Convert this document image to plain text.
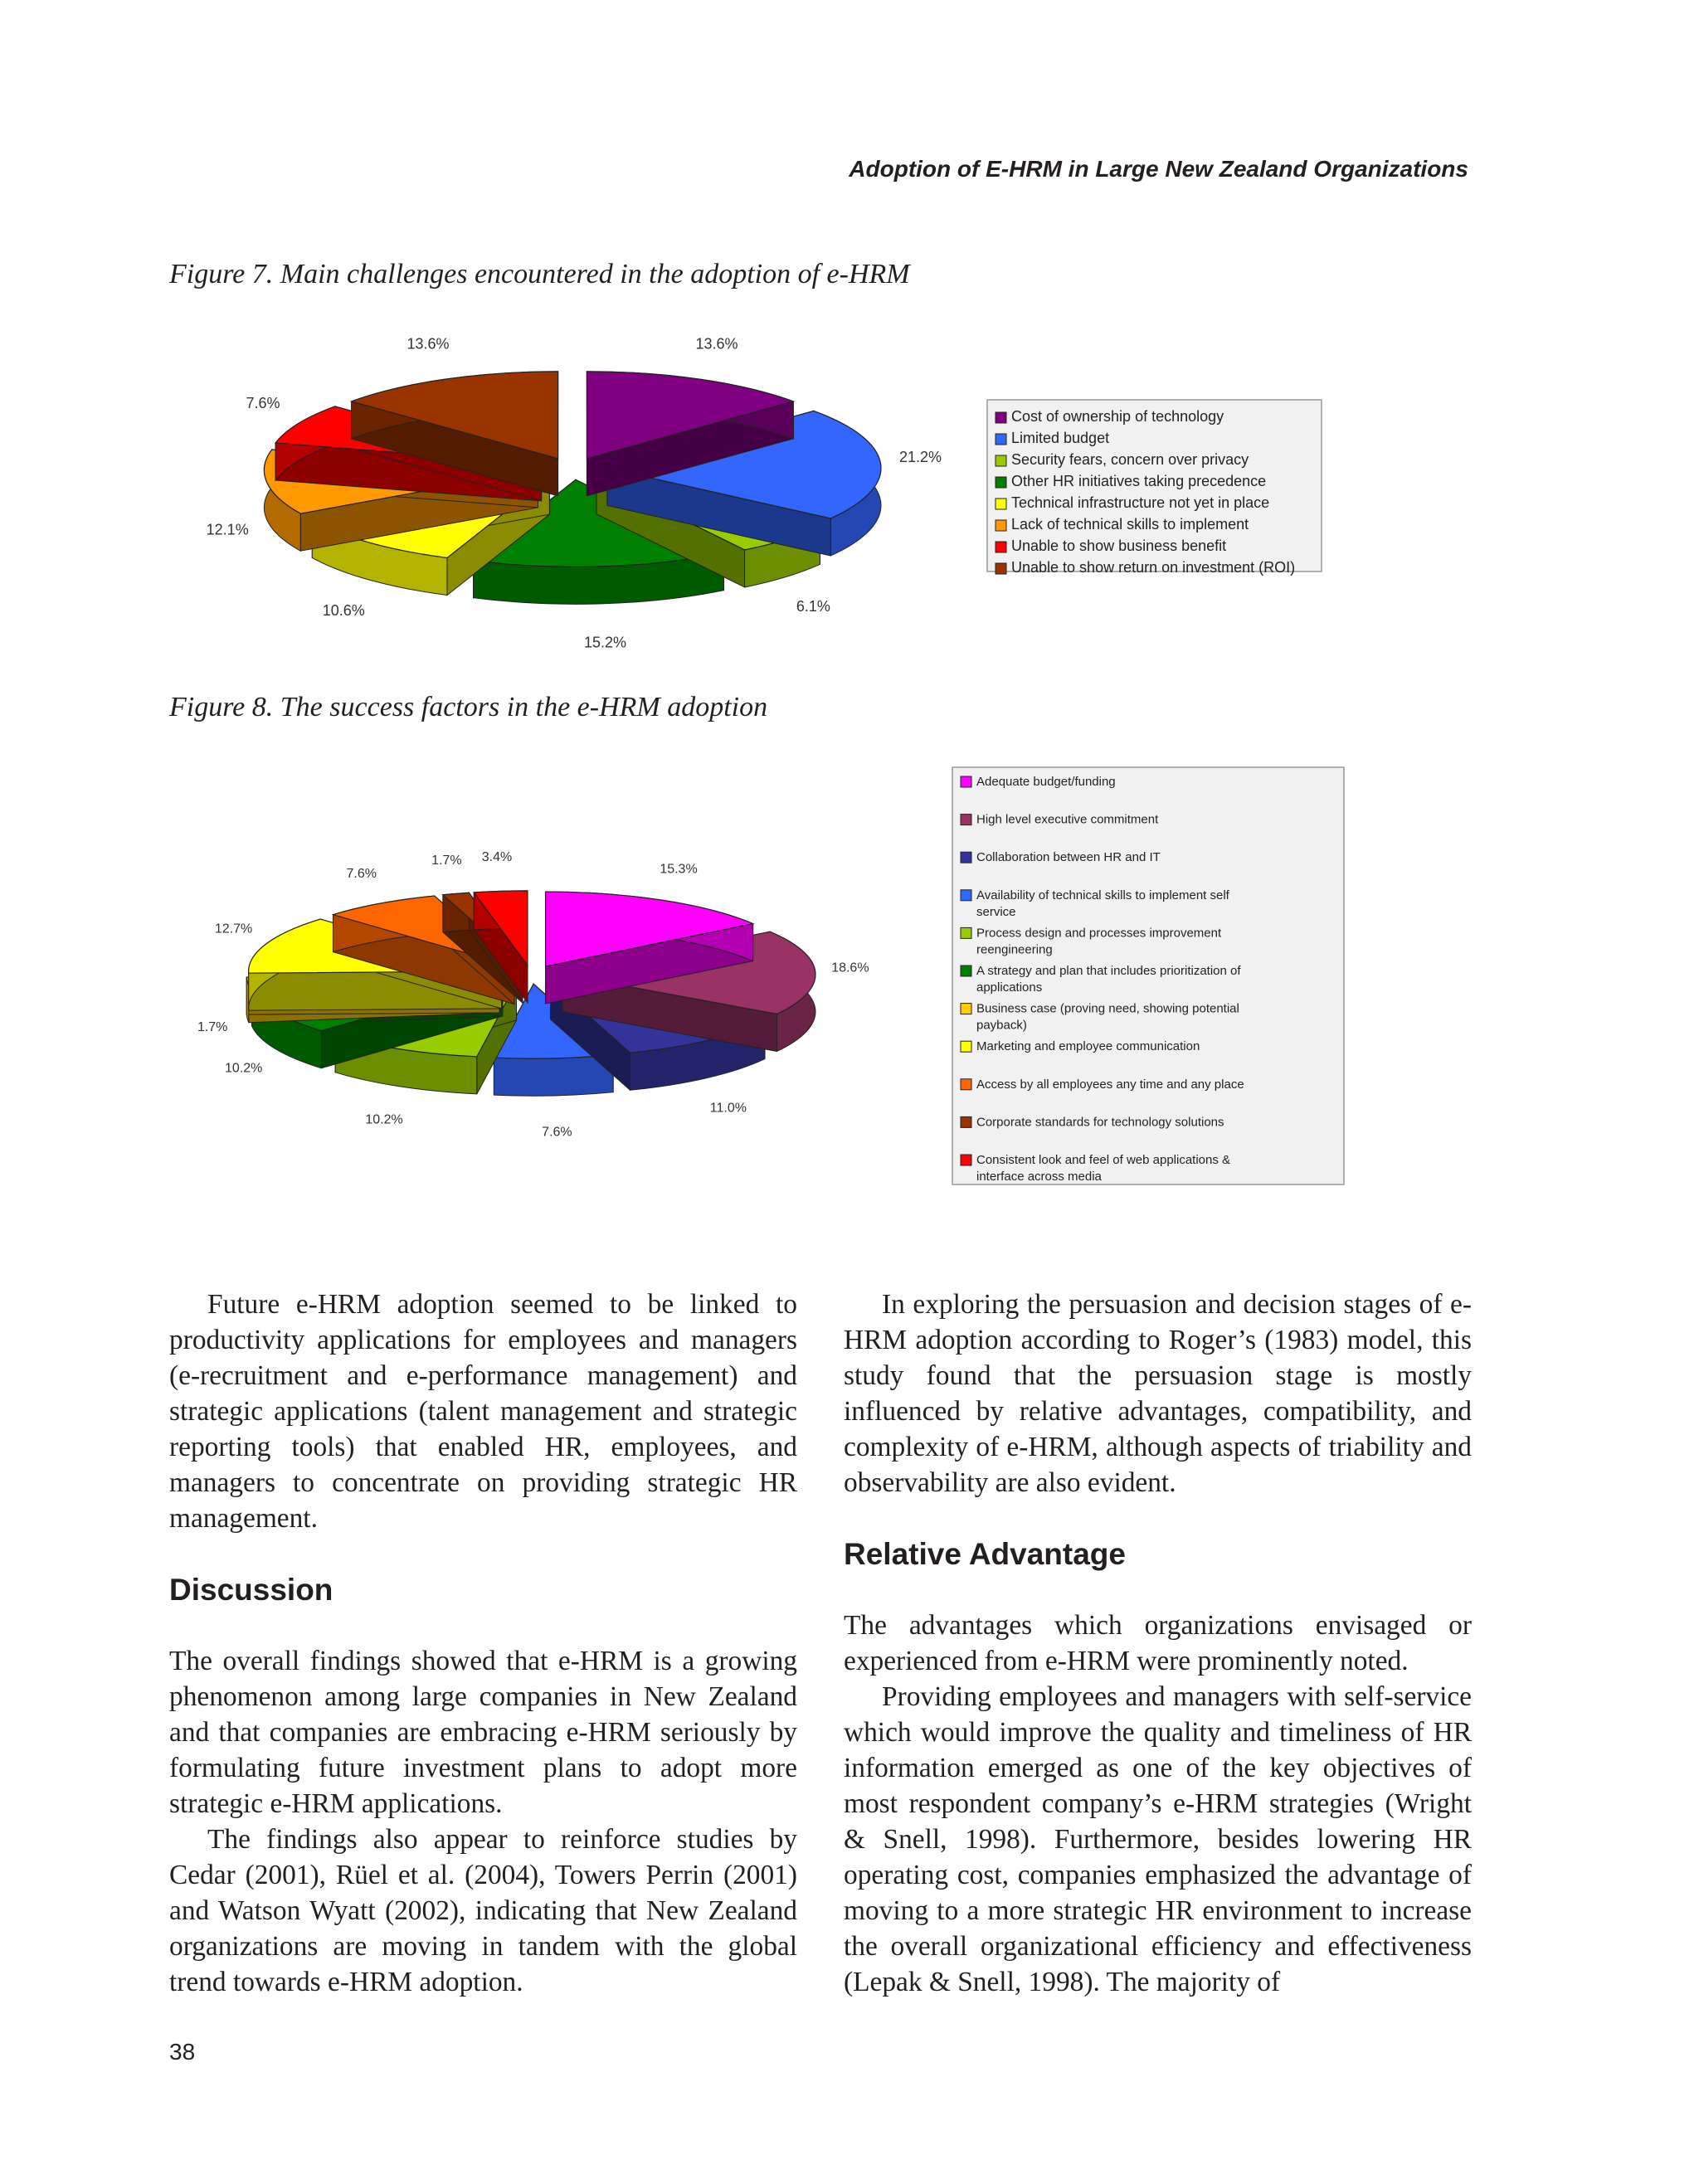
Adoption of E-HRM in Large New Zealand Organizations
Figure 7. Main challenges encountered in the adoption of e-HRM
Figure 8. The success factors in the e-HRM adoption
13.6%
21.2%
6.1%
15.2%
10.6%
12.1%
7.6%
13.6%
Cost of ownership of technology
Limited budget
Security fears, concern over privacy
Other HR initiatives taking precedence
Technical infrastructure not yet in place
Lack of technical skills to implement
Unable to show business benefit
Unable to show return on investment (ROI)
15.3%
18.6%
11.0%
7.6%
10.2%
10.2%
1.7%
12.7%
7.6%
1.7% 3.4%
Adequate budget/funding
High level executive commitment
Collaboration between HR and IT
Availability of technical skills to implement self
service
Process design and processes improvement
reengineering
A strategy and plan that includes prioritization of
applications
Business case (proving need, showing potential
payback)
Marketing and employee communication
Access by all employees any time and any place
Corporate standards for technology solutions
Consistent look and feel of web applications &
interface across media

Future e-HRM adoption seemed to be linked to productivity applications for employees and managers (e-recruitment and e-performance management) and strategic applications (talent management and strategic reporting tools) that enabled HR, employees, and managers to concentrate on providing strategic HR management.

Discussion

The overall findings showed that e-HRM is a growing phenomenon among large companies in New Zealand and that companies are embracing e-HRM seriously by formulating future investment plans to adopt more strategic e-HRM applications.

The findings also appear to reinforce studies by Cedar (2001), Rüel et al. (2004), Towers Perrin (2001) and Watson Wyatt (2002), indicating that New Zealand organizations are moving in tandem with the global trend towards e-HRM adoption.

In exploring the persuasion and decision stages of e-HRM adoption according to Roger’s (1983) model, this study found that the persuasion stage is mostly influenced by relative advantages, compatibility, and complexity of e-HRM, although aspects of triability and observability are also evident.

Relative Advantage

The advantages which organizations envisaged or experienced from e-HRM were prominently noted.

Providing employees and managers with self-service which would improve the quality and timeliness of HR information emerged as one of the key objectives of most respondent company’s e-HRM strategies (Wright & Snell, 1998). Furthermore, besides lowering HR operating cost, companies emphasized the advantage of moving to a more strategic HR environment to increase the overall organizational efficiency and effectiveness (Lepak & Snell, 1998). The majority of

38
